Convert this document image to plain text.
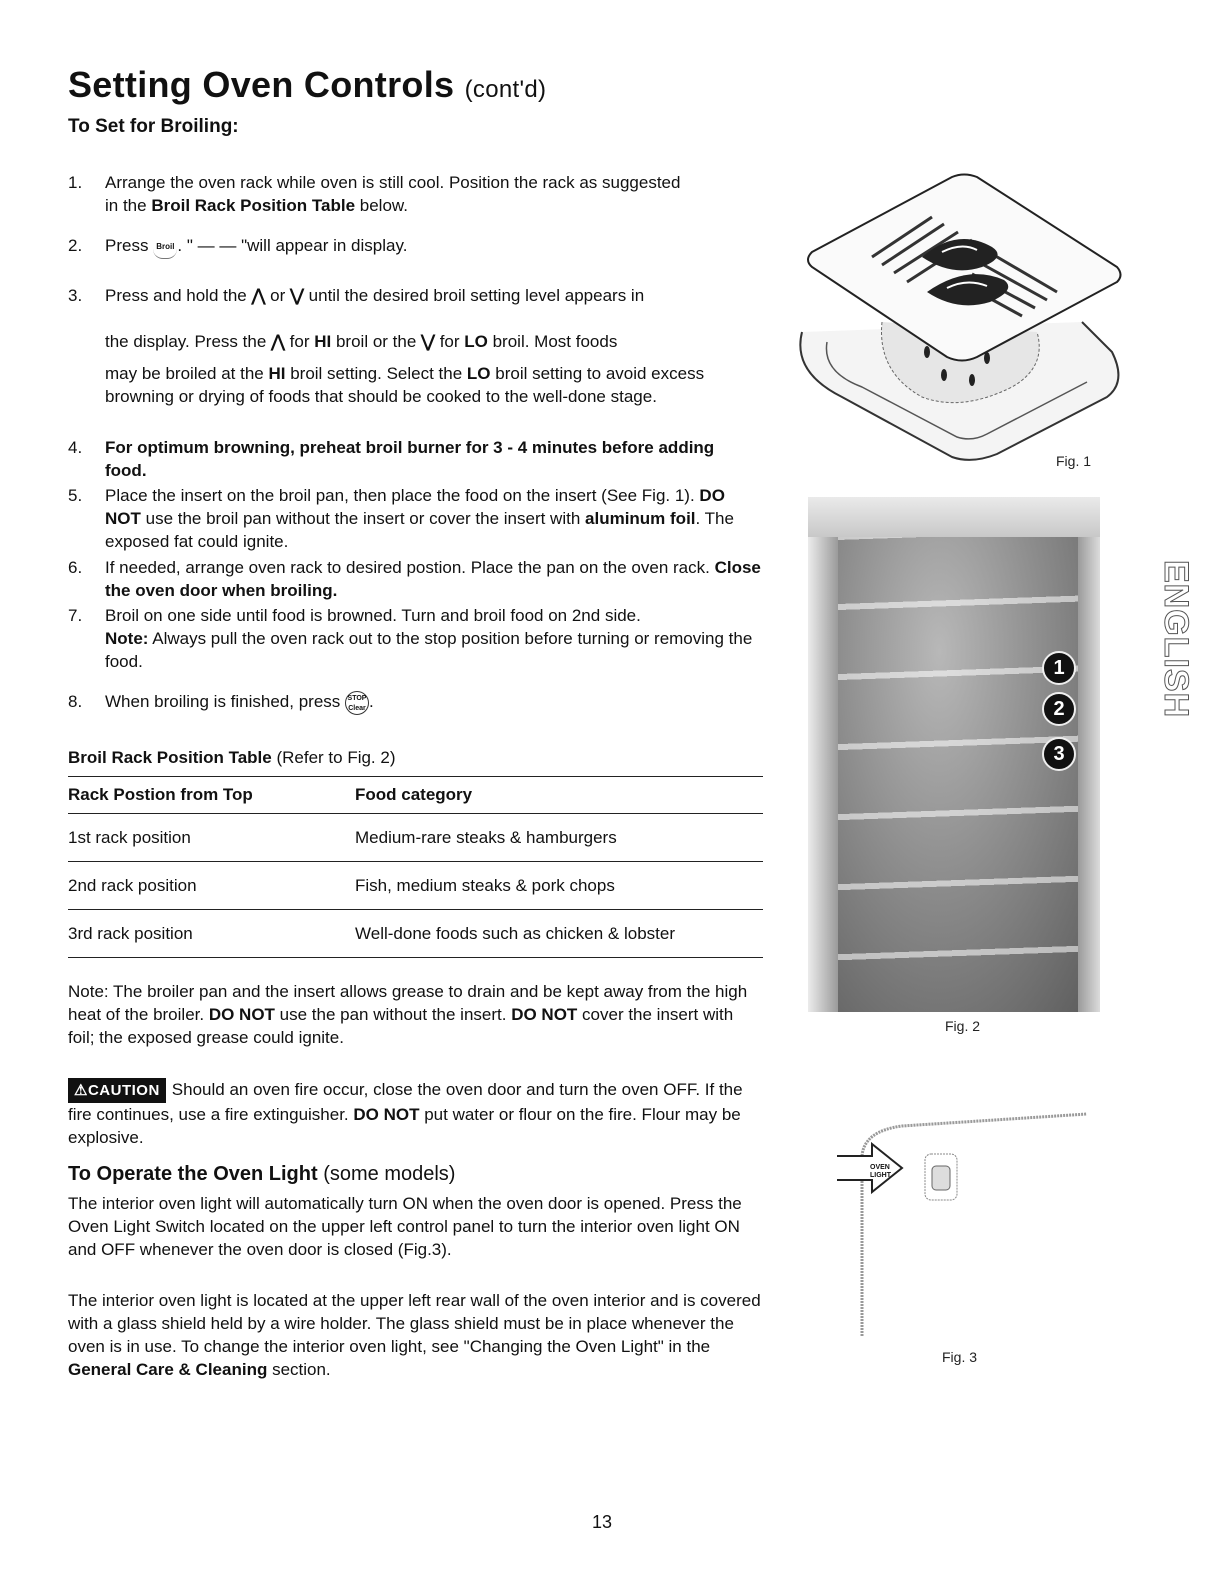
Setting Oven Controls (cont'd)
To Set for Broiling:
1. Arrange the oven rack while oven is still cool. Position the rack as suggested in the Broil Rack Position Table below.
2. Press Broil . " — — "will appear in display.
3. Press and hold the ⋀ or ⋁ until the desired broil setting level appears in
the display. Press the ⋀ for HI broil or the ⋁ for LO broil. Most foods
may be broiled at the HI broil setting. Select the LO broil setting to avoid excess browning or drying of foods that should be cooked to the well-done stage.
4. For optimum browning, preheat broil burner for 3 - 4 minutes before adding food.
5. Place the insert on the broil pan, then place the food on the insert (See Fig. 1). DO NOT use the broil pan without the insert or cover the insert with aluminum foil. The exposed fat could ignite.
6. If needed, arrange oven rack to desired postion. Place the pan on the oven rack. Close the oven door when broiling.
7. Broil on one side until food is browned. Turn and broil food on 2nd side.
Note: Always pull the oven rack out to the stop position before turning or removing the food.
8. When broiling is finished, press STOP
Clear .
Broil Rack Position Table (Refer to Fig. 2)
Rack Postion from Top	Food category
1st rack position	Medium-rare steaks & hamburgers
2nd rack position	Fish, medium steaks & pork chops
3rd rack position	Well-done foods such as chicken & lobster
Note: The broiler pan and the insert allows grease to drain and be kept away from the high heat of the broiler. DO NOT use the pan without the insert. DO NOT cover the insert with foil; the exposed grease could ignite.
⚠CAUTION Should an oven fire occur, close the oven door and turn the oven OFF. If the fire continues, use a fire extinguisher. DO NOT put water or flour on the fire. Flour may be explosive.
To Operate the Oven Light (some models)
The interior oven light will automatically turn ON when the oven door is opened. Press the Oven Light Switch located on the upper left control panel to turn the interior oven light ON and OFF whenever the oven door is closed (Fig.3).
The interior oven light is located at the upper left rear wall of the oven interior and is covered with a glass shield held by a wire holder. The glass shield must be in place whenever the oven is in use. To change the interior oven light, see "Changing the Oven Light" in the General Care & Cleaning section.
Fig. 1
1
2
3
Fig. 2
ENGLISH
OVEN LIGHT
Fig. 3
13
